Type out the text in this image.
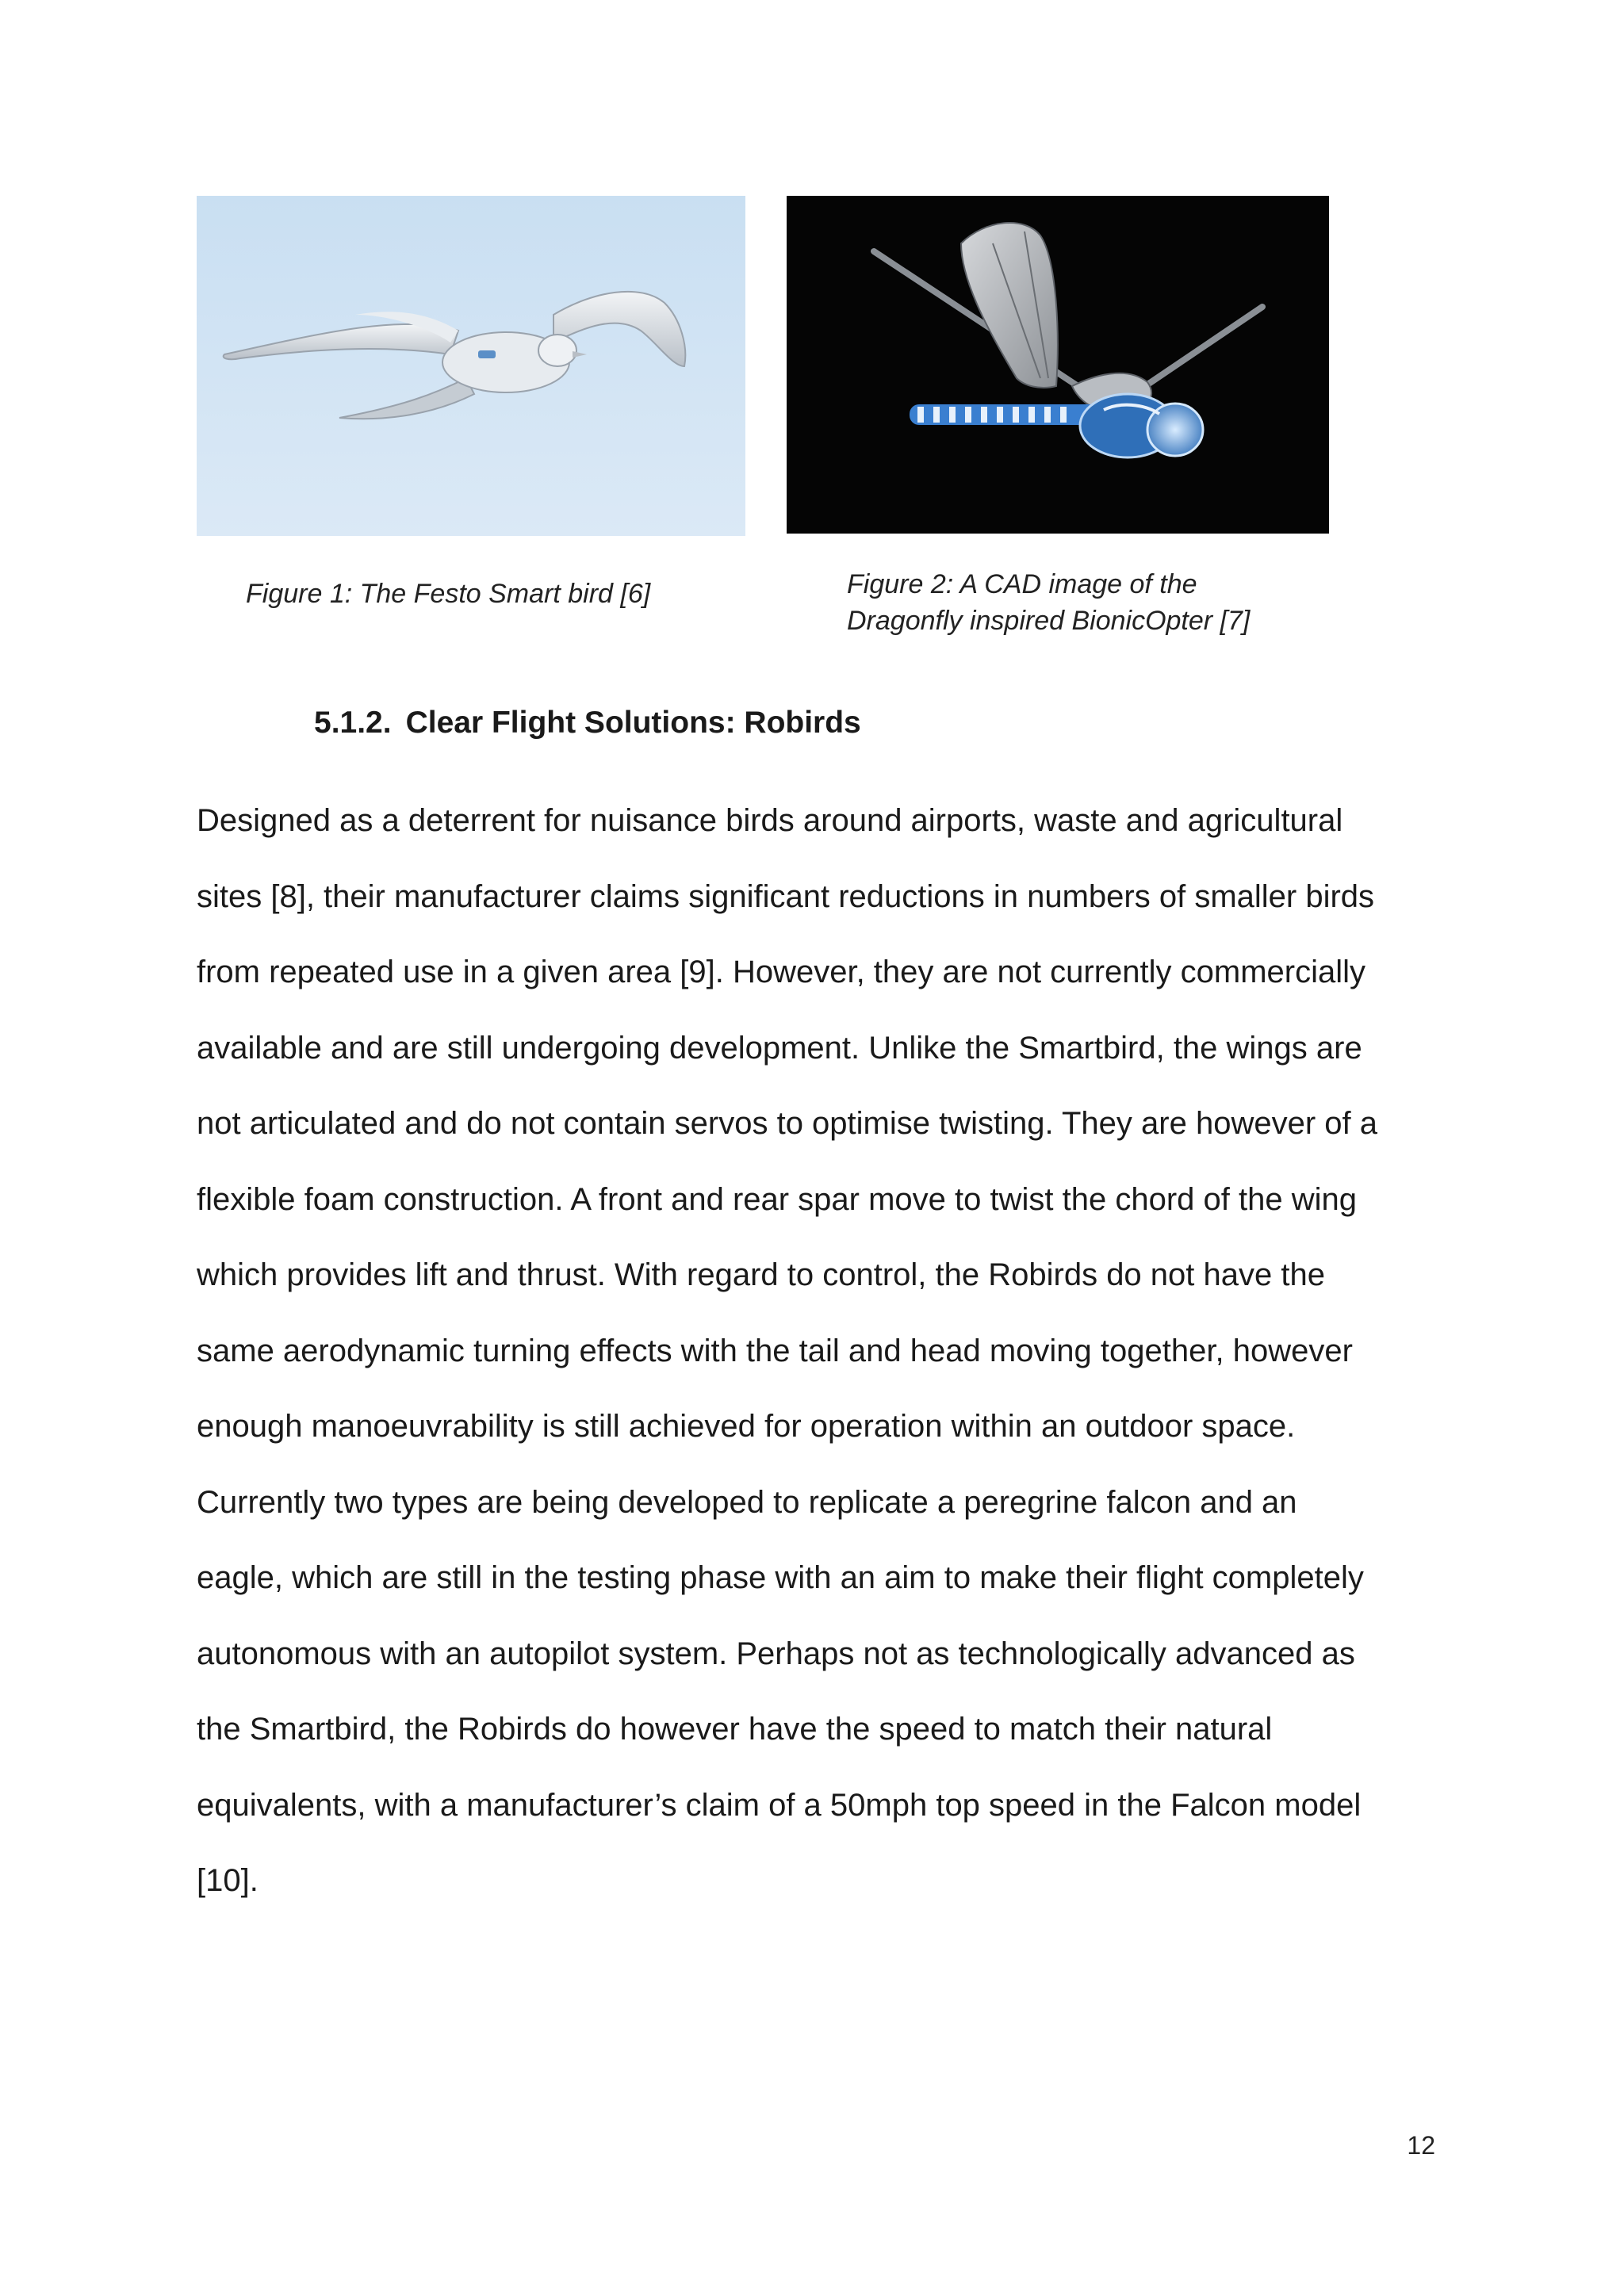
Figure 1: The Festo Smart bird [6]	Figure 2: A CAD image of the
Dragonfly inspired BionicOpter [7]

5.1.2. Clear Flight Solutions: Robirds
Designed as a deterrent for nuisance birds around airports, waste and agricultural
sites [8], their manufacturer claims significant reductions in numbers of smaller birds
from repeated use in a given area [9]. However, they are not currently commercially
available and are still undergoing development. Unlike the Smartbird, the wings are
not articulated and do not contain servos to optimise twisting. They are however of a
flexible foam construction. A front and rear spar move to twist the chord of the wing
which provides lift and thrust. With regard to control, the Robirds do not have the
same aerodynamic turning effects with the tail and head moving together, however
enough manoeuvrability is still achieved for operation within an outdoor space.
Currently two types are being developed to replicate a peregrine falcon and an
eagle, which are still in the testing phase with an aim to make their flight completely
autonomous with an autopilot system. Perhaps not as technologically advanced as
the Smartbird, the Robirds do however have the speed to match their natural
equivalents, with a manufacturer’s claim of a 50mph top speed in the Falcon model
[10].
12
